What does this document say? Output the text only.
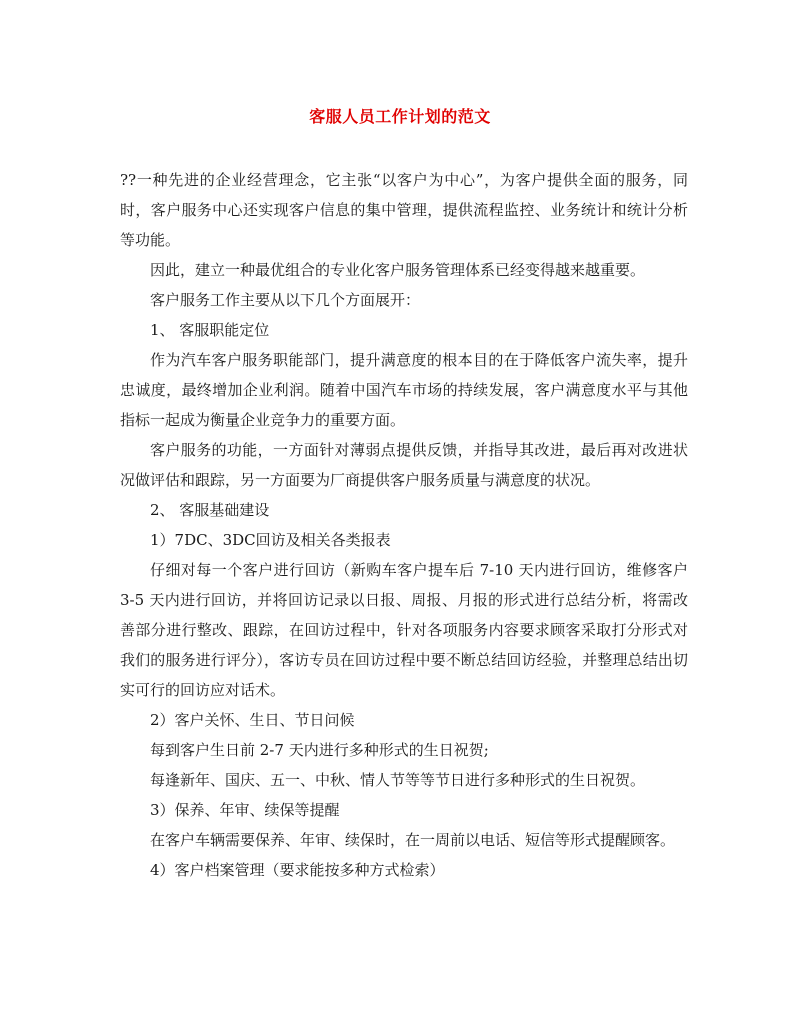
客服人员工作计划的范文

??一种先进的企业经营理念，它主张“以客户为中心”，为客户提供全面的服务，同时，客户服务中心还实现客户信息的集中管理，提供流程监控、业务统计和统计分析等功能。

因此，建立一种最优组合的专业化客户服务管理体系已经变得越来越重要。

客户服务工作主要从以下几个方面展开：

1、 客服职能定位

作为汽车客户服务职能部门，提升满意度的根本目的在于降低客户流失率，提升忠诚度，最终增加企业利润。随着中国汽车市场的持续发展，客户满意度水平与其他指标一起成为衡量企业竞争力的重要方面。

客户服务的功能，一方面针对薄弱点提供反馈，并指导其改进，最后再对改进状况做评估和跟踪，另一方面要为厂商提供客户服务质量与满意度的状况。

2、 客服基础建设

1）7DC、3DC回访及相关各类报表

仔细对每一个客户进行回访（新购车客户提车后 7-10 天内进行回访，维修客户 3-5 天内进行回访，并将回访记录以日报、周报、月报的形式进行总结分析，将需改善部分进行整改、跟踪，在回访过程中，针对各项服务内容要求顾客采取打分形式对我们的服务进行评分），客访专员在回访过程中要不断总结回访经验，并整理总结出切实可行的回访应对话术。

2）客户关怀、生日、节日问候

每到客户生日前 2-7 天内进行多种形式的生日祝贺;

每逢新年、国庆、五一、中秋、情人节等等节日进行多种形式的生日祝贺。

3）保养、年审、续保等提醒

在客户车辆需要保养、年审、续保时，在一周前以电话、短信等形式提醒顾客。

4）客户档案管理（要求能按多种方式检索）
